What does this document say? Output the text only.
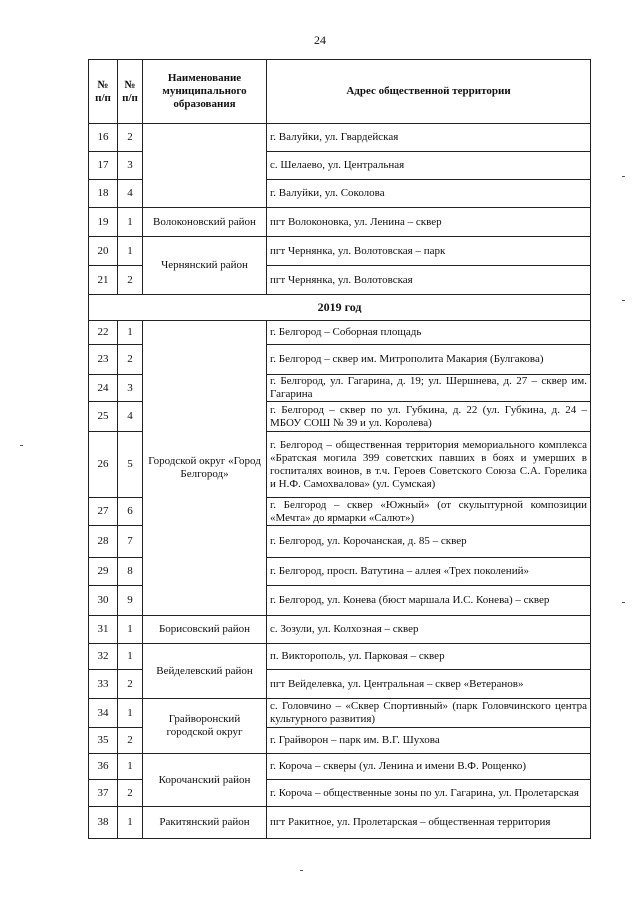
24
№ п/п	№ п/п	Наименование муниципального образования	Адрес общественной территории
16	2		г. Валуйки, ул. Гвардейская
17	3		с. Шелаево, ул. Центральная
18	4		г. Валуйки, ул. Соколова
19	1	Волоконовский район	пгт Волоконовка, ул. Ленина – сквер
20	1	Чернянский район	пгт Чернянка, ул. Волотовская – парк
21	2		пгт Чернянка, ул. Волотовская
2019 год			
22	1	Городской округ «Город Белгород»	г. Белгород – Соборная площадь
23	2		г. Белгород – сквер им. Митрополита Макария (Булгакова)
24	3		г. Белгород, ул. Гагарина, д. 19; ул. Шершнева, д. 27 – сквер им. Гагарина
25	4		г. Белгород – сквер по ул. Губкина, д. 22 (ул. Губкина, д. 24 – МБОУ СОШ № 39 и ул. Королева)
26	5		г. Белгород – общественная территория мемориального комплекса «Братская могила 399 советских павших в боях и умерших в госпиталях воинов, в т.ч. Героев Советского Союза С.А. Горелика и Н.Ф. Самохвалова» (ул. Сумская)
27	6		г. Белгород – сквер «Южный» (от скульптурной композиции «Мечта» до ярмарки «Салют»)
28	7		г. Белгород, ул. Корочанская, д. 85 – сквер
29	8		г. Белгород, просп. Ватутина – аллея «Трех поколений»
30	9		г. Белгород, ул. Конева (бюст маршала И.С. Конева) – сквер
31	1	Борисовский район	с. Зозули, ул. Колхозная – сквер
32	1	Вейделевский район	п. Викторополь, ул. Парковая – сквер
33	2		пгт Вейделевка, ул. Центральная – сквер «Ветеранов»
34	1	Грайворонский городской округ	с. Головчино – «Сквер Спортивный» (парк Головчинского центра культурного развития)
35	2		г. Грайворон – парк им. В.Г. Шухова
36	1	Корочанский район	г. Короча – скверы (ул. Ленина и имени В.Ф. Рощенко)
37	2		г. Короча – общественные зоны по ул. Гагарина, ул. Пролетарская
38	1	Ракитянский район	пгт Ракитное, ул. Пролетарская – общественная территория
